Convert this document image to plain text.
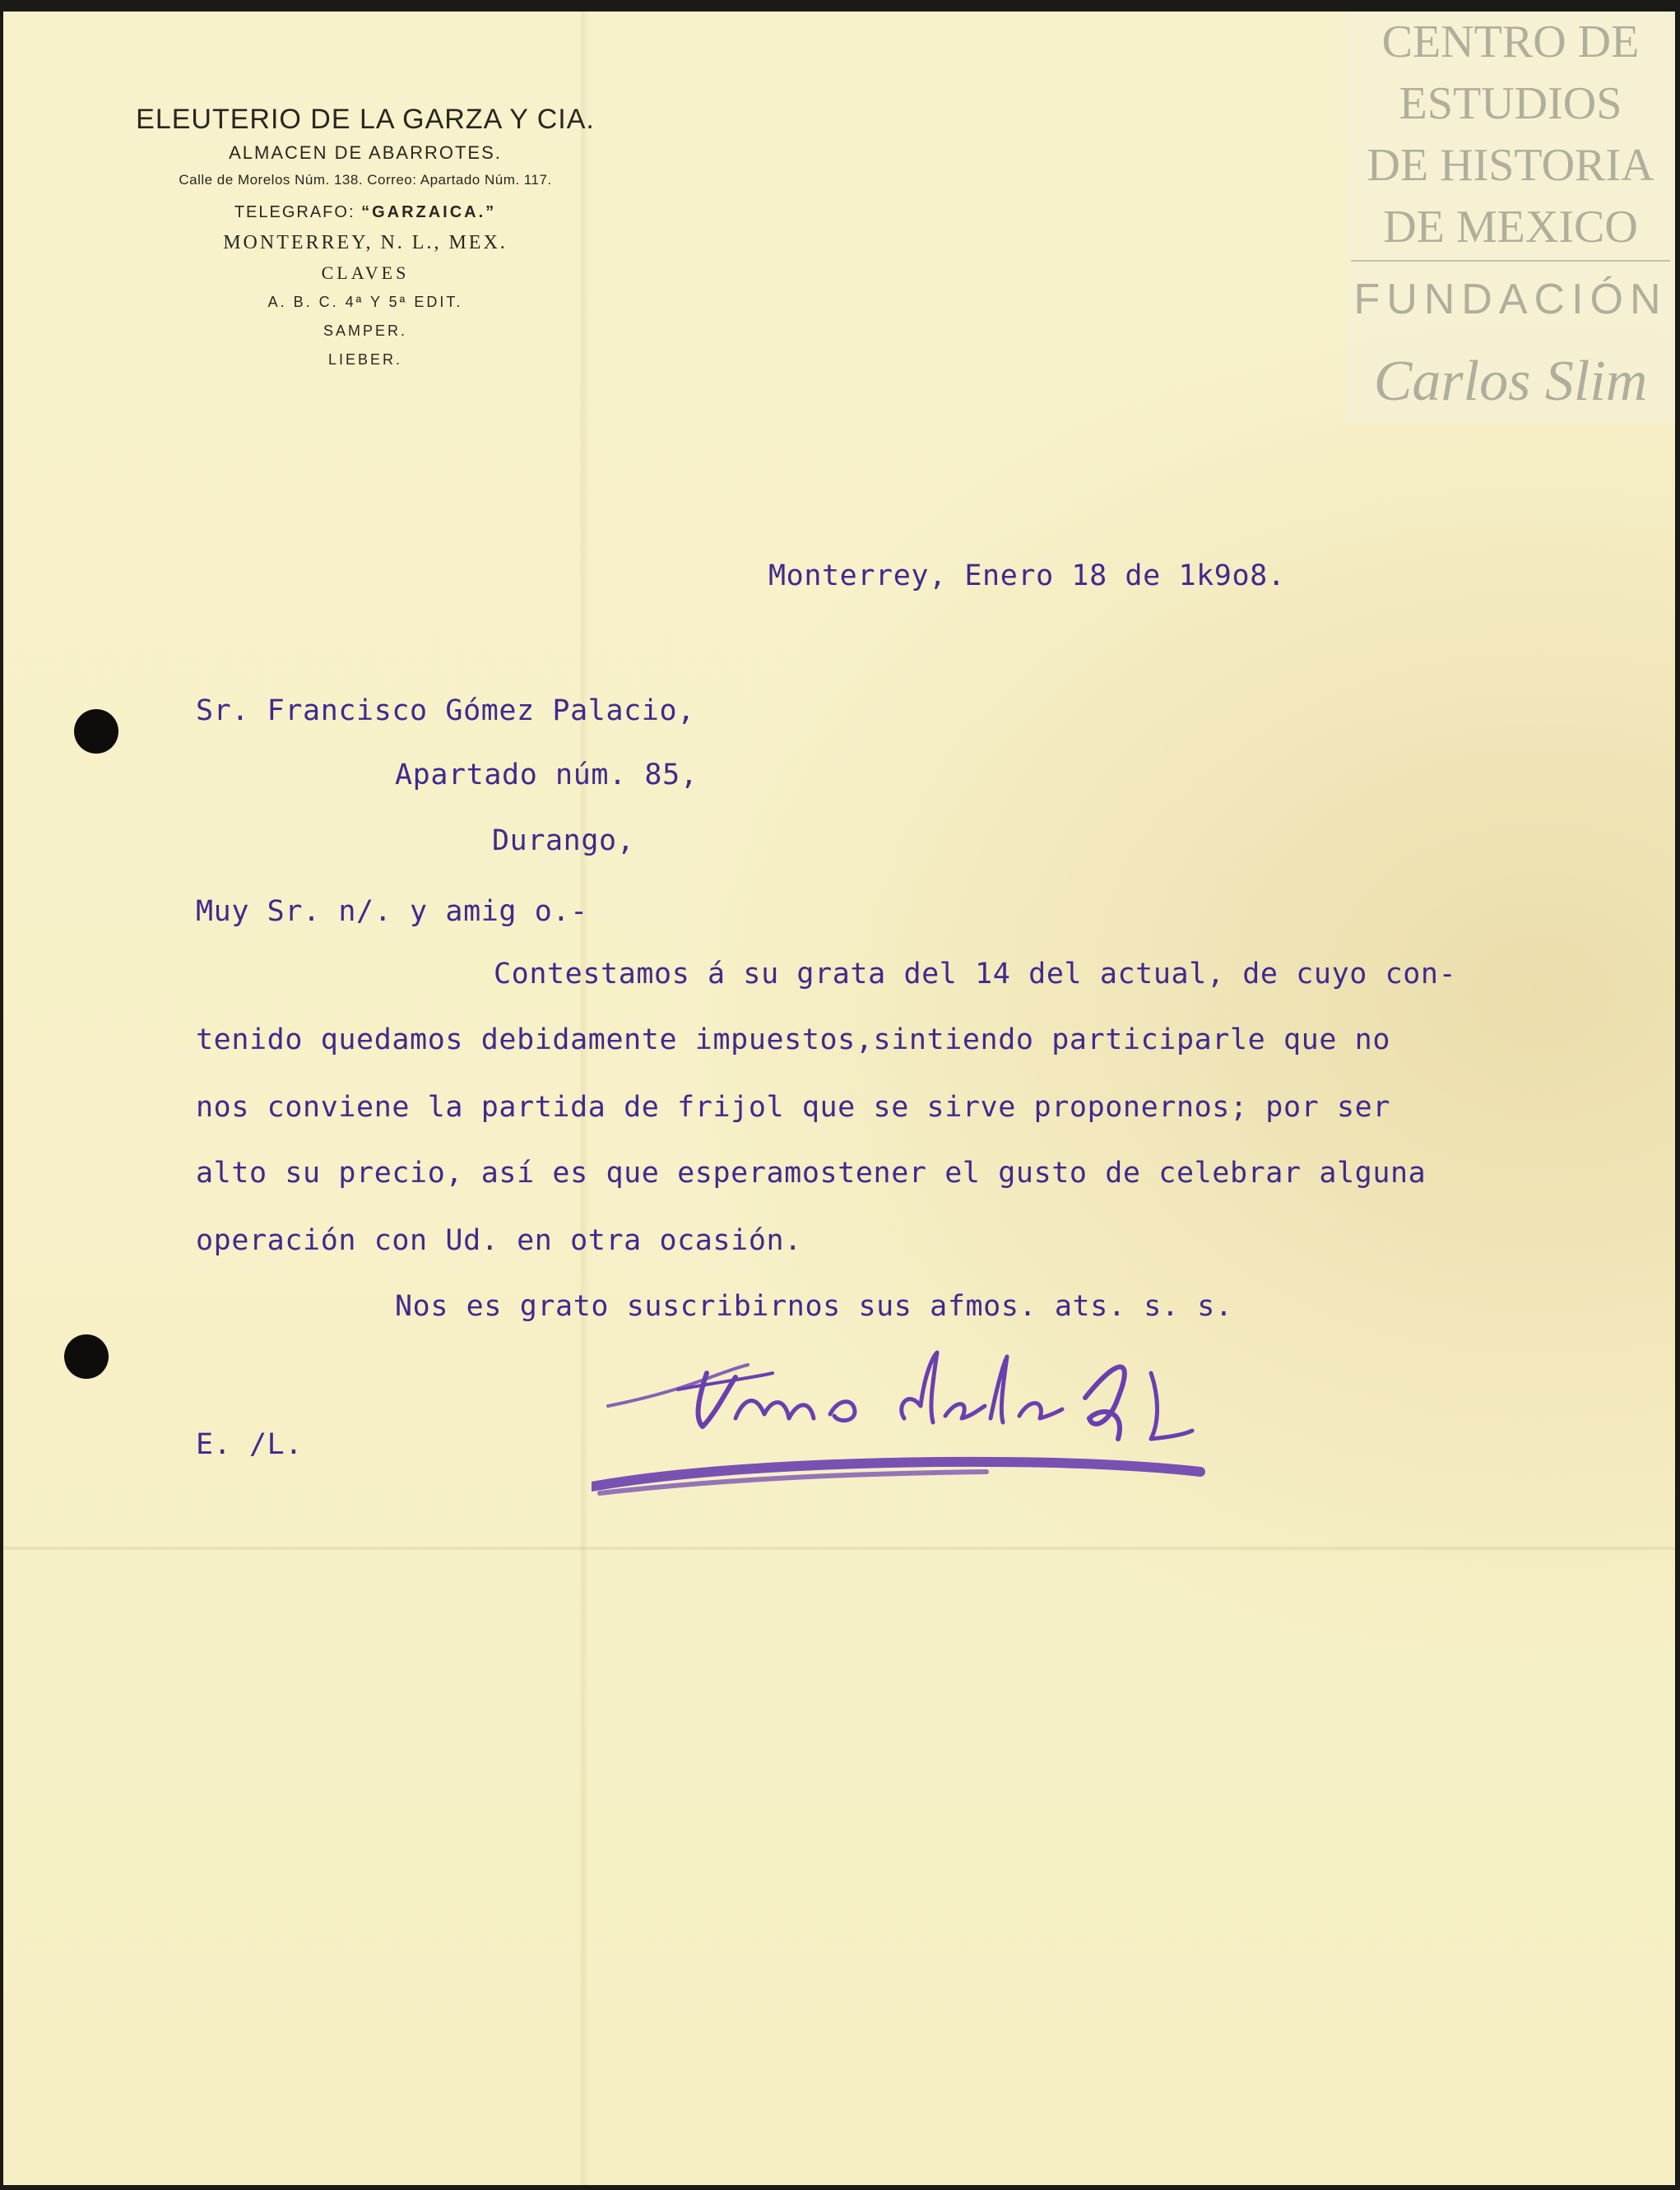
ELEUTERIO DE LA GARZA Y CIA.
ALMACEN DE ABARROTES.
Calle de Morelos Núm. 138. Correo: Apartado Núm. 117.
TELEGRAFO: “GARZAICA.”
MONTERREY, N. L., MEX.
CLAVES
A. B. C. 4ª Y 5ª EDIT.
SAMPER.
LIEBER.
CENTRO DE
ESTUDIOS
DE HISTORIA
DE MEXICO
FUNDACIÓN
Carlos Slim
Monterrey, Enero 18 de 1k9o8.
Sr. Francisco Gómez Palacio,
Apartado núm. 85,
Durango,
Muy Sr. n/. y amig o.-
Contestamos á su grata del 14 del actual, de cuyo con-
tenido quedamos debidamente impuestos,sintiendo participarle que no
nos conviene la partida de frijol que se sirve proponernos; por ser
alto su precio, así es que esperamostener el gusto de celebrar alguna
operación con Ud. en otra ocasión.
Nos es grato suscribirnos sus afmos. ats. s. s.
E. /L.
